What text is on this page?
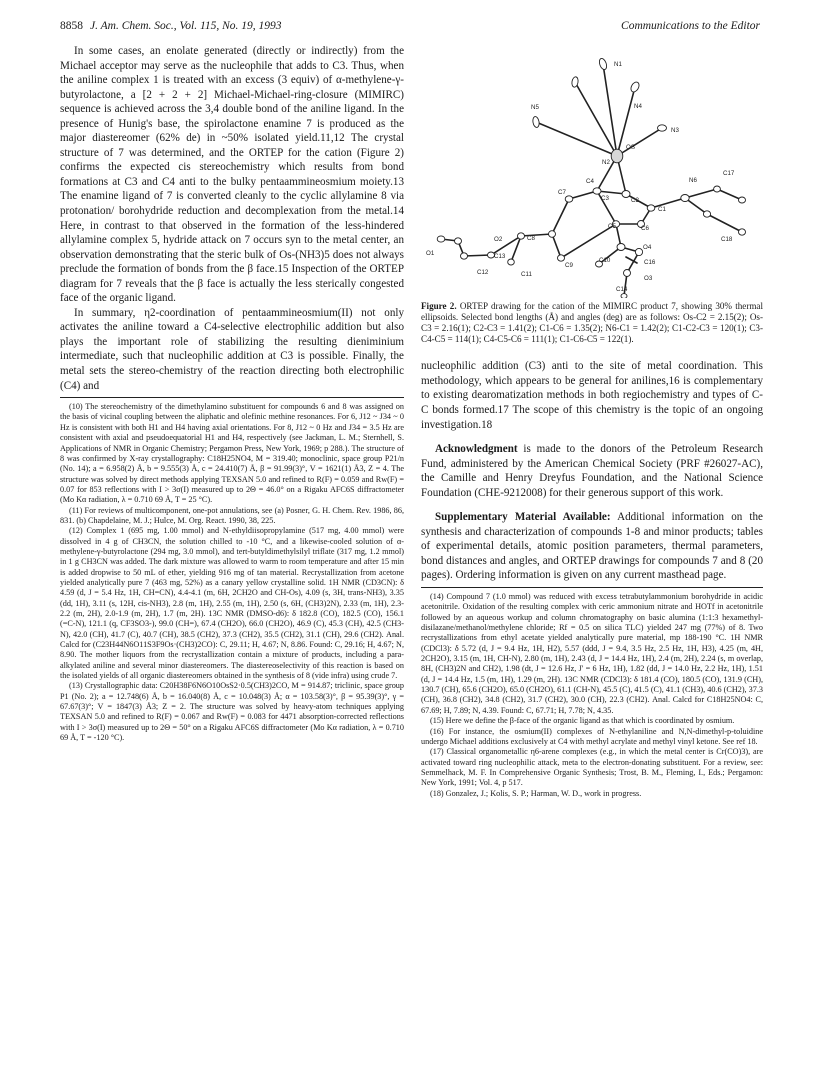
8858 J. Am. Chem. Soc., Vol. 115, No. 19, 1993	Communications to the Editor

In some cases, an enolate generated (directly or indirectly) from the Michael acceptor may serve as the nucleophile that adds to C3. Thus, when the aniline complex 1 is treated with an excess (3 equiv) of α-methylene-γ-butyrolactone, a [2 + 2 + 2] Michael-Michael-ring-closure (MIMIRC) sequence is achieved across the 3,4 double bond of the aniline ligand. In the presence of Hunig's base, the spirolactone enamine 7 is produced as the major diastereomer (62% de) in ~50% isolated yield.11,12 The crystal structure of 7 was determined, and the ORTEP for the cation (Figure 2) confirms the expected cis stereochemistry which results from bond formations at C3 and C4 anti to the bulky pentaammineosmium moiety.13 The enamine ligand of 7 is converted cleanly to the cyclic allylamine 8 via protonation/ borohydride reduction and decomplexation from the metal.14 Here, in contrast to that observed in the formation of the less-hindered allylamine complex 5, hydride attack on 7 occurs syn to the metal center, an observation demonstrating that the steric bulk of Os-(NH3)5 does not always preclude the formation of bonds from the β face.15 Inspection of the ORTEP diagram for 7 reveals that the β face is actually the less sterically congested face of the organic ligand.

In summary, η2-coordination of pentaammineosmium(II) not only activates the aniline toward a C4-selective electrophilic addition but also plays the important role of stabilizing the resulting dieniminium intermediate, such that nucleophilic addition at C3 is possible. Finally, the metal sets the stereo-chemistry of the reaction directing both electrophilic (C4) and

(10) The stereochemistry of the dimethylamino substituent for compounds 6 and 8 was assigned on the basis of vicinal coupling between the aliphatic and olefinic methine resonances. For 6, J12 ~ J34 ~ 0 Hz is consistent with both H1 and H4 having axial orientations. For 8, J12 ~ 0 Hz and J34 = 3.5 Hz are consistent with axial and pseudoequatorial H1 and H4, respectively (see Jackman, L. M.; Sternhell, S. Applications of NMR in Organic Chemistry; Pergamon Press, New York, 1969; p 288.). The structure of 8 was confirmed by X-ray crystallography: C18H25NO4, M = 319.40; monoclinic, space group P21/n (No. 14); a = 6.958(2) Å, b = 9.555(3) Å, c = 24.410(7) Å, β = 91.99(3)°, V = 1621(1) Å3, Z = 4. The structure was solved by direct methods applying TEXSAN 5.0 and refined to R(F) = 0.059 and Rw(F) = 0.07 for 853 reflections with I > 3σ(I) measured up to 2Θ = 46.0° on a Rigaku AFC6S diffractometer (Mo Kα radiation, λ = 0.710 69 Å, T = 25 °C).

(11) For reviews of multicomponent, one-pot annulations, see (a) Posner, G. H. Chem. Rev. 1986, 86, 831. (b) Chapdelaine, M. J.; Hulce, M. Org. React. 1990, 38, 225.

(12) Complex 1 (695 mg, 1.00 mmol) and N-ethyldiisopropylamine (517 mg, 4.00 mmol) were dissolved in 4 g of CH3CN, the solution chilled to -10 °C, and a likewise-cooled solution of α-methylene-γ-butyrolactone (294 mg, 3.0 mmol), and tert-butyldimethylsilyl triflate (317 mg, 1.2 mmol) in 1 g CH3CN was added. The dark mixture was allowed to warm to room temperature and after 15 min is added dropwise to 50 mL of ether, yielding 916 mg of tan material. Recrystallization from acetone yielded analytically pure 7 (463 mg, 52%) as a canary yellow crystalline solid. 1H NMR (CD3CN): δ 4.59 (d, J = 5.4 Hz, 1H, CH=CN), 4.4-4.1 (m, 6H, 2CH2O and CH-Os), 4.09 (s, 3H, trans-NH3), 3.35 (dd, 1H), 3.11 (s, 12H, cis-NH3), 2.8 (m, 1H), 2.55 (m, 1H), 2.50 (s, 6H, (CH3)2N), 2.33 (m, 1H), 2.3-2.2 (m, 2H), 2.0-1.9 (m, 2H), 1.7 (m, 2H). 13C NMR (DMSO-d6): δ 182.8 (CO), 182.5 (CO), 156.1 (=C-N), 121.1 (q, CF3SO3-), 99.0 (CH=), 67.4 (CH2O), 66.0 (CH2O), 46.9 (C), 45.3 (CH), 42.5 (CH3-N), 42.0 (CH), 41.7 (C), 40.7 (CH), 38.5 (CH2), 37.3 (CH2), 35.5 (CH2), 31.1 (CH), 29.6 (CH2). Anal. Calcd for (C23H44N6O11S3F9Os·(CH3)2CO): C, 29.11; H, 4.67; N, 8.86. Found: C, 29.16; H, 4.67; N, 8.90. The mother liquors from the recrystallization contain a mixture of products, including a para-alkylated aniline and several minor diastereomers. The diastereoselectivity of this reaction is based on the isolated yields of all organic diastereomers obtained in the synthesis of 8 (vide infra) using crude 7.

(13) Crystallographic data: C20H38F6N6O10OsS2·0.5(CH3)2CO, M = 914.87; triclinic, space group P1 (No. 2); a = 12.748(6) Å, b = 16.040(8) Å, c = 10.048(3) Å; α = 103.58(3)°, β = 95.39(3)°, γ = 67.67(3)°; V = 1847(3) Å3; Z = 2. The structure was solved by heavy-atom techniques applying TEXSAN 5.0 and refined to R(F) = 0.067 and Rw(F) = 0.083 for 4471 absorption-corrected reflections with I > 3σ(I) measured up to 2Θ = 50° on a Rigaku AFC6S diffractometer (Mo Kα radiation, λ = 0.710 69 Å, T = -120 °C).

N1
N4
N3
N5
N2
OS
N6
C17
C4
C3	C2
C1
C7
C5	C6
C8
O2
C13
O1
C12	C11
C9
C10
O4
C16
O3
C14
C18

Figure 2. ORTEP drawing for the cation of the MIMIRC product 7, showing 30% thermal ellipsoids. Selected bond lengths (Å) and angles (deg) are as follows: Os-C2 = 2.15(2); Os-C3 = 2.16(1); C2-C3 = 1.41(2); C1-C6 = 1.35(2); N6-C1 = 1.42(2); C1-C2-C3 = 120(1); C3-C4-C5 = 114(1); C4-C5-C6 = 111(1); C1-C6-C5 = 122(1).

nucleophilic addition (C3) anti to the site of metal coordination. This methodology, which appears to be general for anilines,16 is complementary to existing dearomatization methods in both regiochemistry and types of C-C bonds formed.17 The scope of this chemistry is the topic of an ongoing investigation.18

Acknowledgment is made to the donors of the Petroleum Research Fund, administered by the American Chemical Society (PRF #26027-AC), the Camille and Henry Dreyfus Foundation, and the National Science Foundation (CHE-9212008) for their generous support of this work.

Supplementary Material Available: Additional information on the synthesis and characterization of compounds 1-8 and minor products; tables of experimental details, atomic position parameters, thermal parameters, bond distances and angles, and ORTEP drawings for compounds 7 and 8 (20 pages). Ordering information is given on any current masthead page.

(14) Compound 7 (1.0 mmol) was reduced with excess tetrabutylammonium borohydride in acidic acetonitrile. Oxidation of the resulting complex with ceric ammonium nitrate and HOTf in acetonitrile followed by an aqueous workup and column chromatography on basic alumina (1:1:3 hexamethyl-disilazane/methanol/methylene chloride; Rf = 0.5 on silica TLC) yielded 247 mg (77%) of 8. Two recrystallizations from ethyl acetate yielded analytically pure material, mp 188-190 °C. 1H NMR (CDCl3): δ 5.72 (d, J = 9.4 Hz, 1H, H2), 5.57 (ddd, J = 9.4, 3.5 Hz, 2.5 Hz, 1H, H3), 4.25 (m, 4H, 2CH2O), 3.15 (m, 1H, CH-N), 2.80 (m, 1H), 2.43 (d, J = 14.4 Hz, 1H), 2.4 (m, 2H), 2.24 (s, m overlap, 8H, (CH3)2N and CH2), 1.98 (dt, J = 12.6 Hz, J' = 6 Hz, 1H), 1.82 (dd, J = 14.0 Hz, 2.2 Hz, 1H), 1.51 (d, J = 14.4 Hz, 1.5 (m, 1H), 1.29 (m, 2H). 13C NMR (CDCl3): δ 181.4 (CO), 180.5 (CO), 131.9 (CH), 130.7 (CH), 65.6 (CH2O), 65.0 (CH2O), 61.1 (CH-N), 45.5 (C), 41.5 (C), 41.1 (CH3), 40.6 (CH2), 37.3 (CH), 36.8 (CH2), 34.8 (CH2), 31.7 (CH2), 30.0 (CH), 22.3 (CH2). Anal. Calcd for C18H25NO4: C, 67.69; H, 7.89; N, 4.39. Found: C, 67.71; H, 7.78; N, 4.35.

(15) Here we define the β-face of the organic ligand as that which is coordinated by osmium.

(16) For instance, the osmium(II) complexes of N-ethylaniline and N,N-dimethyl-p-toluidine undergo Michael additions exclusively at C4 with methyl acrylate and methyl vinyl ketone. See ref 18.

(17) Classical organometallic η6-arene complexes (e.g., in which the metal center is Cr(CO)3), are activated toward ring nucleophilic attack, meta to the electron-donating substituent. For a review, see: Semmelhack, M. F. In Comprehensive Organic Synthesis; Trost, B. M., Fleming, I., Eds.; Pergamon: New York, 1991; Vol. 4, p 517.

(18) Gonzalez, J.; Kolis, S. P.; Harman, W. D., work in progress.
